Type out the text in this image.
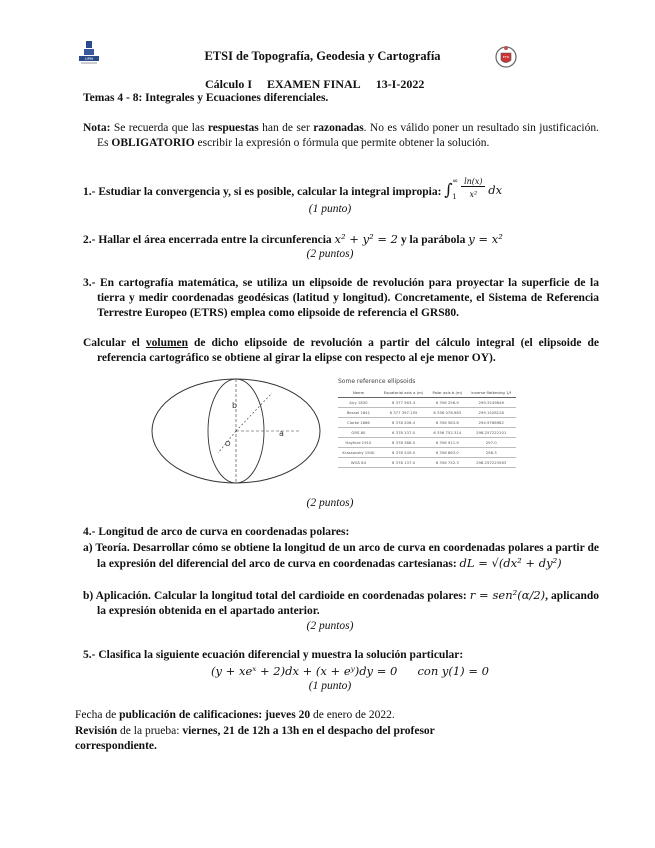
UPM
ETSI
ETSI de Topografía, Geodesia y Cartografía
Cálculo I EXAMEN FINAL 13-I-2022
Temas 4 - 8: Integrales y Ecuaciones diferenciales.
Nota: Se recuerda que las respuestas han de ser razonadas. No es válido poner un resultado sin justificación. Es OBLIGATORIO escribir la expresión o fórmula que permite obtener la solución.
1.- Estudiar la convergencia y, si es posible, calcular la integral impropia: ∫ ∞
1
ln(x)
x² dx
(1 punto)
2.- Hallar el área encerrada entre la circunferencia x² + y² = 2 y la parábola y = x²
(2 puntos)
3.- En cartografía matemática, se utiliza un elipsoide de revolución para proyectar la superficie de la tierra y medir coordenadas geodésicas (latitud y longitud). Concretamente, el Sistema de Referencia Terrestre Europeo (ETRS) emplea como elipsoide de referencia el GRS80.
Calcular el volumen de dicho elipsoide de revolución a partir del cálculo integral (el elipsoide de referencia cartográfico se obtiene al girar la elipse con respecto al eje menor OY).
b
a
O
Some reference ellipsoids
Name	Equatorial axis a (m)	Polar axis b (m)	Inverse flattening 1/f
Airy 1830	6 377 563.4	6 356 256.9	299.3249646
Bessel 1841	6 377 397.155	6 356 078.963	299.1528128
Clarke 1866	6 378 206.4	6 356 583.8	294.9786982
GRS 80	6 378 137.0	6 356 752.314	298.257222101
Hayford 1910	6 378 388.0	6 356 911.9	297.0
Krassovsky 1940	6 378 245.0	6 356 863.0	298.3
WGS 84	6 378 137.0	6 356 752.3	298.257223563
(2 puntos)
4.- Longitud de arco de curva en coordenadas polares:
a) Teoría. Desarrollar cómo se obtiene la longitud de un arco de curva en coordenadas polares a partir de la expresión del diferencial del arco de curva en coordenadas cartesianas: dL = √(dx² + dy²)
b) Aplicación. Calcular la longitud total del cardioide en coordenadas polares: r = sen²(α/2), aplicando la expresión obtenida en el apartado anterior.
(2 puntos)
5.- Clasifica la siguiente ecuación diferencial y muestra la solución particular:
(y + xeˣ + 2)dx + (x + eʸ)dy = 0 con y(1) = 0
(1 punto)
Fecha de publicación de calificaciones: jueves 20 de enero de 2022.
Revisión de la prueba: viernes, 21 de 12h a 13h en el despacho del profesor correspondiente.
